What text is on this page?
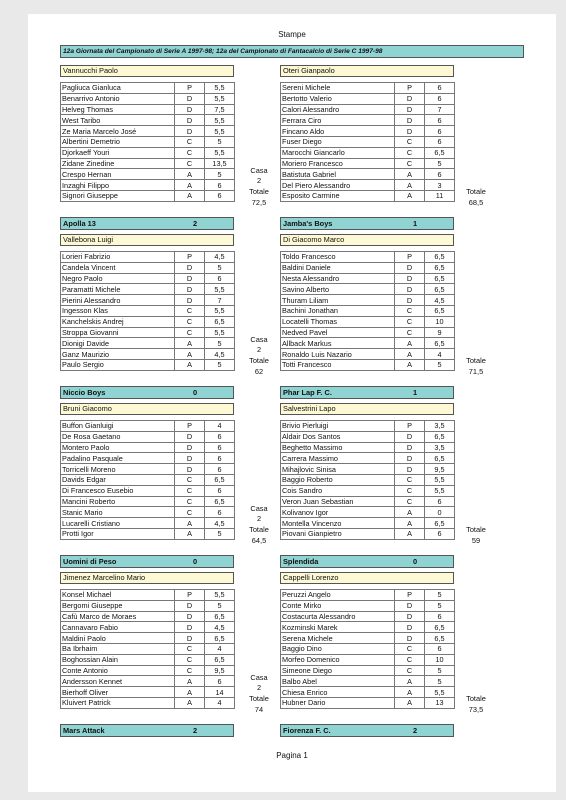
Stampe
12a Giornata del Campionato di Serie A 1997-98; 12a del Campionato di Fantacalcio di Serie C 1997-98
Vannucchi Paolo
Pagliuca Gianluca	P	5,5
Benarrivo Antonio	D	5,5
Helveg Thomas	D	7,5
West Taribo	D	5,5
Ze Maria Marcelo José	D	5,5
Albertini Demetrio	C	5
Djorkaeff Youri	C	5,5
Zidane Zinedine	C	13,5
Crespo Hernan	A	5
Inzaghi Filippo	A	6
Signori Giuseppe	A	6
Apolla 13	2
Oteri Gianpaolo
Sereni Michele	P	6
Bertotto Valerio	D	6
Calori Alessandro	D	7
Ferrara Ciro	D	6
Fincano Aldo	D	6
Fuser Diego	C	6
Marocchi Giancarlo	C	6,5
Moriero Francesco	C	5
Batistuta Gabriel	A	6
Del Piero Alessandro	A	3
Esposito Carmine	A	11
Jamba's Boys	1
Casa
2
Totale
72,5
Totale
68,5
Vallebona Luigi
Lorieri Fabrizio	P	4,5
Candela Vincent	D	5
Negro Paolo	D	6
Paramatti Michele	D	5,5
Pierini Alessandro	D	7
Ingesson Klas	C	5,5
Kanchelskis Andrej	C	6,5
Stroppa Giovanni	C	5,5
Dionigi Davide	A	5
Ganz Maurizio	A	4,5
Paulo Sergio	A	5
Niccio Boys	0
Di Giacomo Marco
Toldo Francesco	P	6,5
Baldini Daniele	D	6,5
Nesta Alessandro	D	6,5
Savino Alberto	D	6,5
Thuram Liliam	D	4,5
Bachini Jonathan	C	6,5
Locatelli Thomas	C	10
Nedved Pavel	C	9
Allback Markus	A	6,5
Ronaldo Luis Nazario	A	4
Totti Francesco	A	5
Phar Lap F. C.	1
Casa
2
Totale
62
Totale
71,5
Bruni Giacomo
Buffon Gianluigi	P	4
De Rosa Gaetano	D	6
Montero Paolo	D	6
Padalino Pasquale	D	6
Torricelli Moreno	D	6
Davids Edgar	C	6,5
Di Francesco Eusebio	C	6
Mancini Roberto	C	6,5
Stanic Mario	C	6
Lucarelli Cristiano	A	4,5
Protti Igor	A	5
Uomini di Peso	0
Salvestrini Lapo
Brivio Pierluigi	P	3,5
Aldair Dos Santos	D	6,5
Beghetto Massimo	D	3,5
Carrera Massimo	D	6,5
Mihajlovic Sinisa	D	9,5
Baggio Roberto	C	5,5
Cois Sandro	C	5,5
Veron Juan Sebastian	C	6
Kolivanov Igor	A	0
Montella Vincenzo	A	6,5
Piovani Gianpietro	A	6
Splendida	0
Casa
2
Totale
64,5
Totale
59
Jimenez Marcelino Mario
Konsel Michael	P	5,5
Bergomi Giuseppe	D	5
Cafù Marco de Moraes	D	6,5
Cannavaro Fabio	D	4,5
Maldini Paolo	D	6,5
Ba Ibrhaim	C	4
Boghossian Alain	C	6,5
Conte Antonio	C	9,5
Andersson Kennet	A	6
Bierhoff Oliver	A	14
Kluivert Patrick	A	4
Mars Attack	2
Cappelli Lorenzo
Peruzzi Angelo	P	5
Conte Mirko	D	5
Costacurta Alessandro	D	6
Kozminski Marek	D	6,5
Serena Michele	D	6,5
Baggio Dino	C	6
Morfeo Domenico	C	10
Simeone Diego	C	5
Balbo Abel	A	5
Chiesa Enrico	A	5,5
Hubner Dario	A	13
Fiorenza F. C.	2
Casa
2
Totale
74
Totale
73,5
Pagina 1
